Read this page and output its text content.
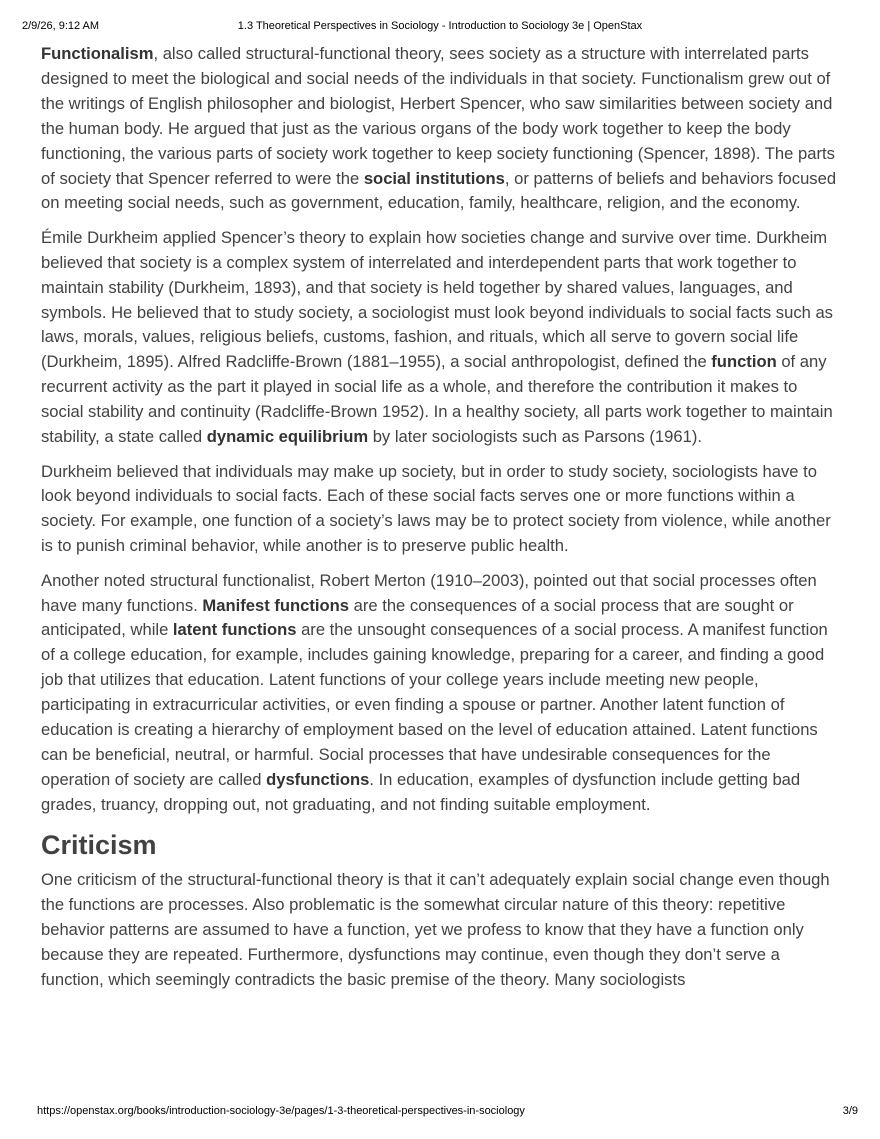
2/9/26, 9:12 AM	1.3 Theoretical Perspectives in Sociology - Introduction to Sociology 3e | OpenStax

Functionalism, also called structural-functional theory, sees society as a structure with interrelated parts designed to meet the biological and social needs of the individuals in that society. Functionalism grew out of the writings of English philosopher and biologist, Herbert Spencer, who saw similarities between society and the human body. He argued that just as the various organs of the body work together to keep the body functioning, the various parts of society work together to keep society functioning (Spencer, 1898). The parts of society that Spencer referred to were the social institutions, or patterns of beliefs and behaviors focused on meeting social needs, such as government, education, family, healthcare, religion, and the economy.

Émile Durkheim applied Spencer’s theory to explain how societies change and survive over time. Durkheim believed that society is a complex system of interrelated and interdependent parts that work together to maintain stability (Durkheim, 1893), and that society is held together by shared values, languages, and symbols. He believed that to study society, a sociologist must look beyond individuals to social facts such as laws, morals, values, religious beliefs, customs, fashion, and rituals, which all serve to govern social life (Durkheim, 1895). Alfred Radcliffe-Brown (1881–1955), a social anthropologist, defined the function of any recurrent activity as the part it played in social life as a whole, and therefore the contribution it makes to social stability and continuity (Radcliffe-Brown 1952). In a healthy society, all parts work together to maintain stability, a state called dynamic equilibrium by later sociologists such as Parsons (1961).

Durkheim believed that individuals may make up society, but in order to study society, sociologists have to look beyond individuals to social facts. Each of these social facts serves one or more functions within a society. For example, one function of a society’s laws may be to protect society from violence, while another is to punish criminal behavior, while another is to preserve public health.

Another noted structural functionalist, Robert Merton (1910–2003), pointed out that social processes often have many functions. Manifest functions are the consequences of a social process that are sought or anticipated, while latent functions are the unsought consequences of a social process. A manifest function of a college education, for example, includes gaining knowledge, preparing for a career, and finding a good job that utilizes that education. Latent functions of your college years include meeting new people, participating in extracurricular activities, or even finding a spouse or partner. Another latent function of education is creating a hierarchy of employment based on the level of education attained. Latent functions can be beneficial, neutral, or harmful. Social processes that have undesirable consequences for the operation of society are called dysfunctions. In education, examples of dysfunction include getting bad grades, truancy, dropping out, not graduating, and not finding suitable employment.

Criticism

One criticism of the structural-functional theory is that it can’t adequately explain social change even though the functions are processes. Also problematic is the somewhat circular nature of this theory: repetitive behavior patterns are assumed to have a function, yet we profess to know that they have a function only because they are repeated. Furthermore, dysfunctions may continue, even though they don’t serve a function, which seemingly contradicts the basic premise of the theory. Many sociologists

https://openstax.org/books/introduction-sociology-3e/pages/1-3-theoretical-perspectives-in-sociology	3/9
